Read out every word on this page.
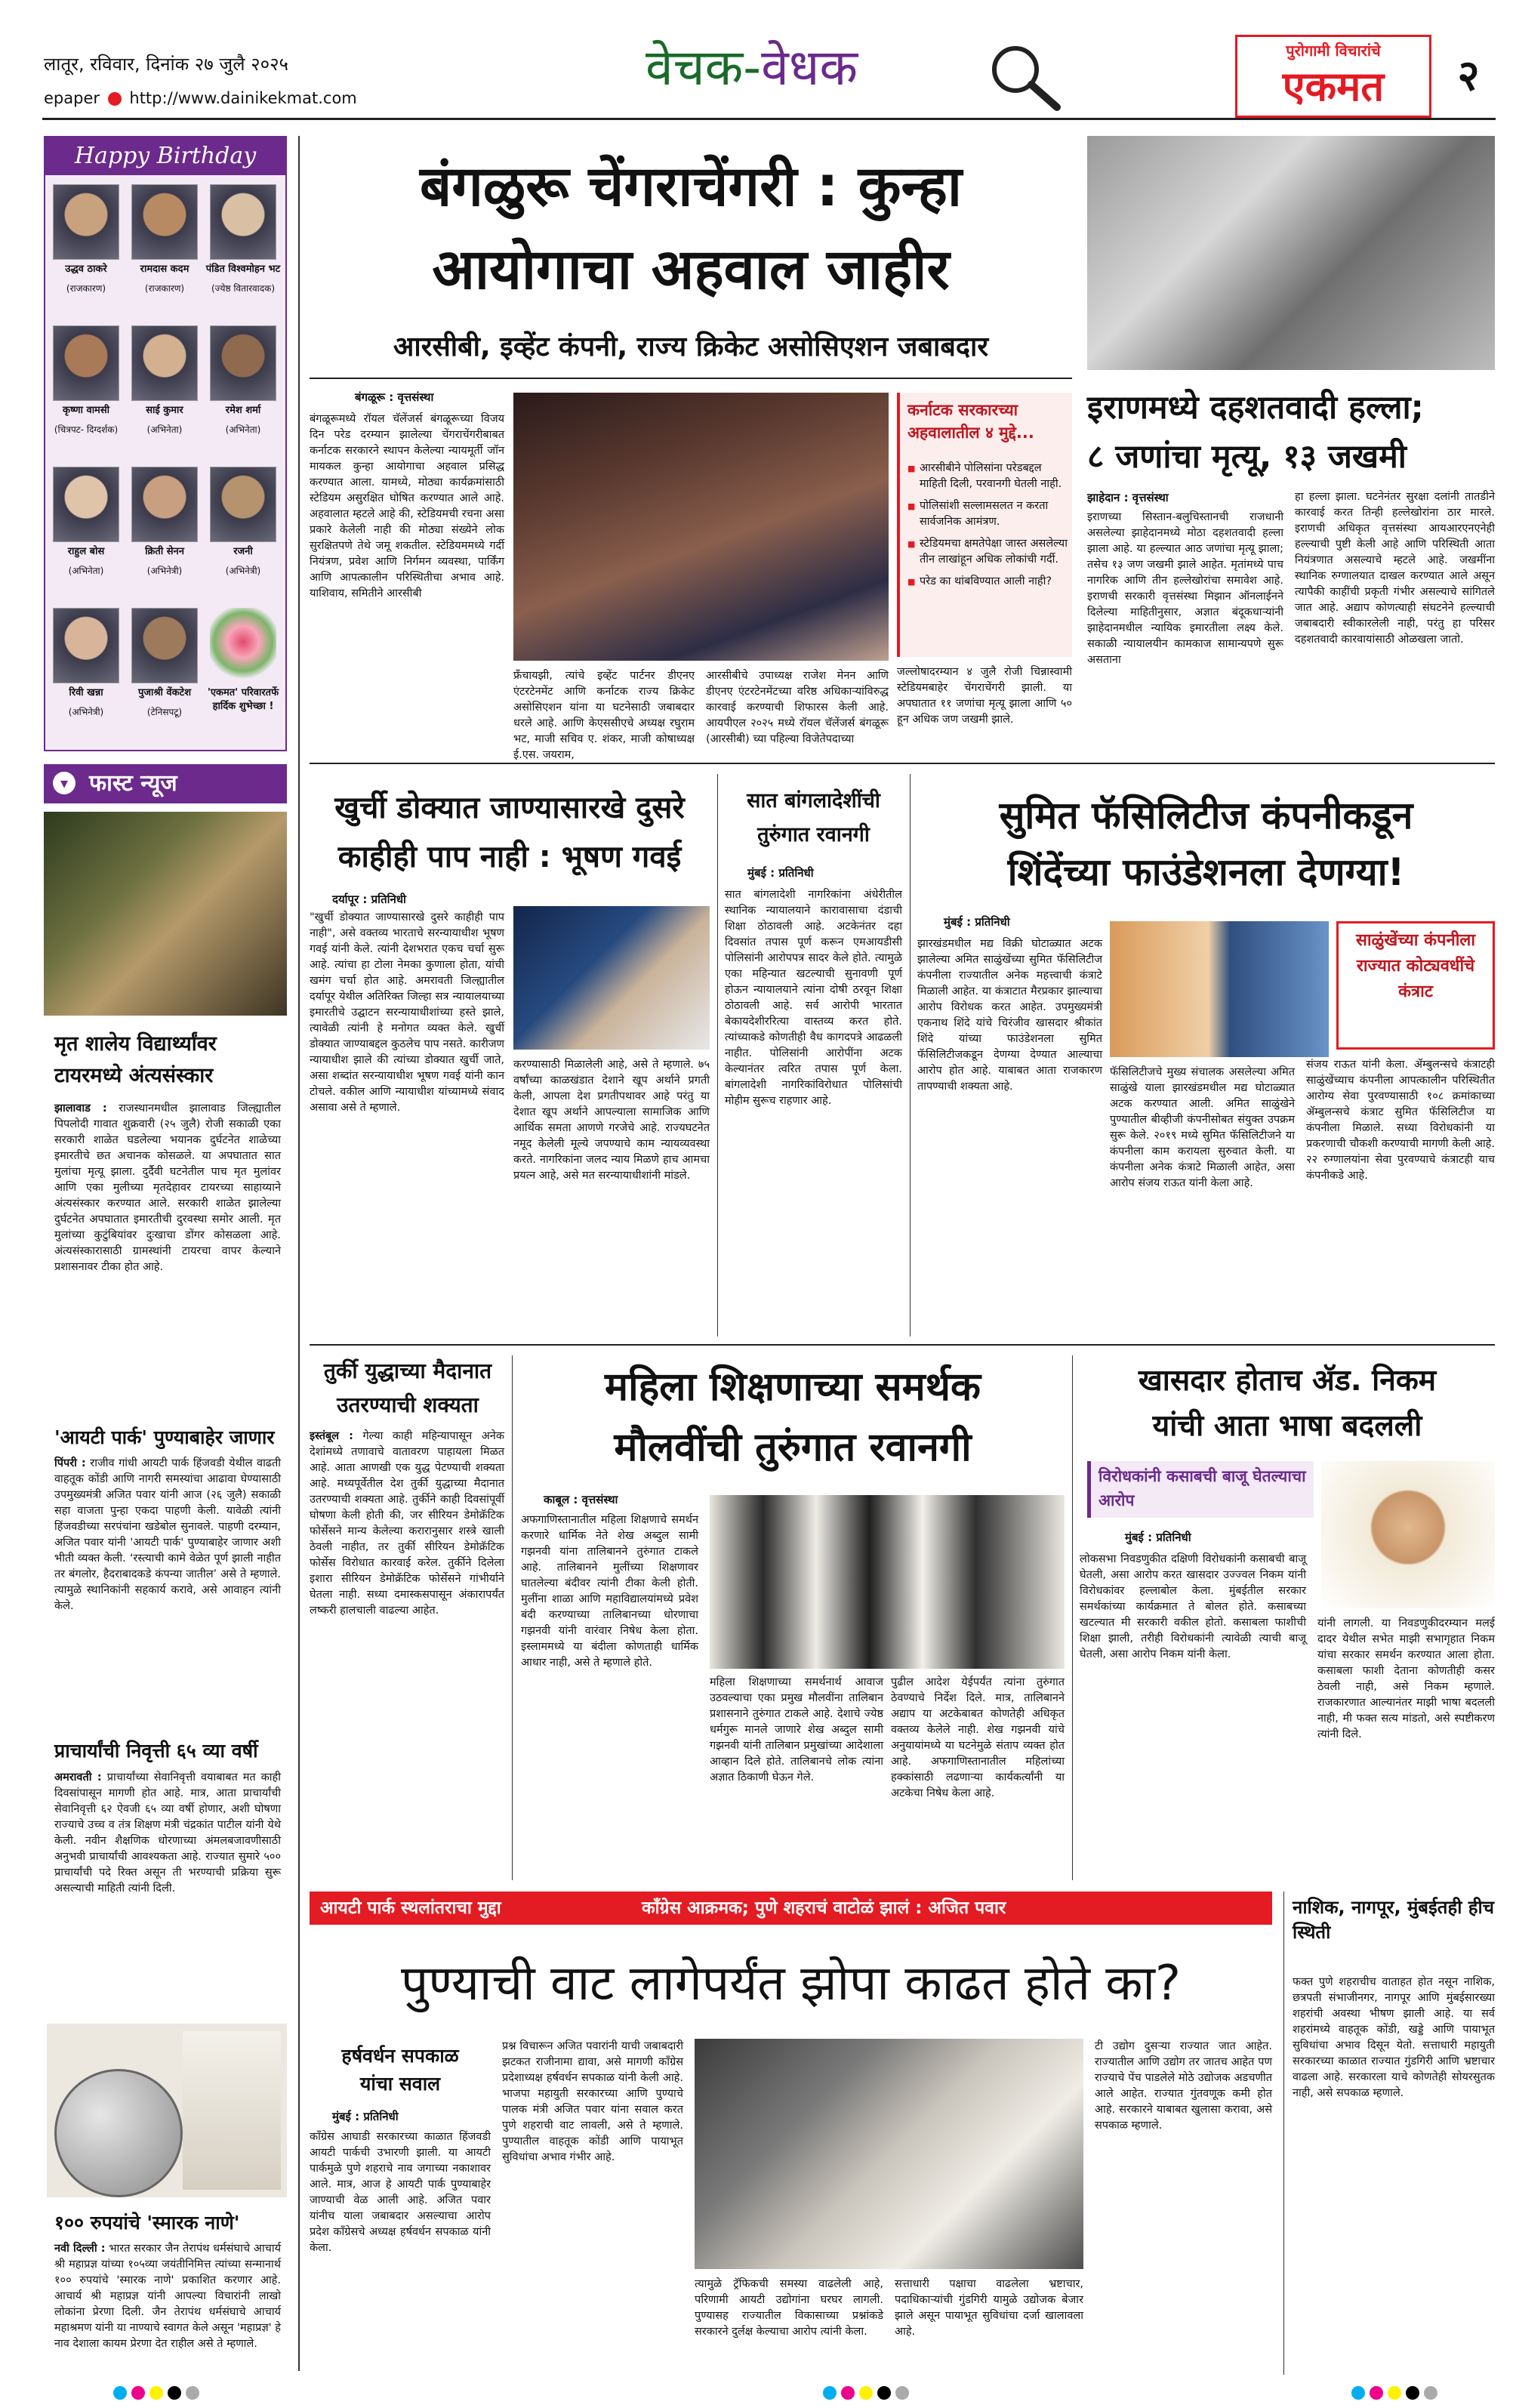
लातूर, रविवार, दिनांक २७ जुलै २०२५
epaper http://www.dainikekmat.com
वेचक-वेधक	पुरोगामी विचारांचे
एकमत	२
Happy Birthday
उद्धव ठाकरे
(राजकारण)
रामदास कदम
(राजकारण)
पंडित विश्वमोहन भट
(ज्येष्ठ वितारवादक)
कृष्णा वामसी
(चित्रपट- दिग्दर्शक)
साई कुमार
(अभिनेता)
रमेश शर्मा
(अभिनेता)
राहुल बोस
(अभिनेता)
क्रिती सेनन
(अभिनेत्री)
रजनी
(अभिनेत्री)
रिवी खन्ना
(अभिनेत्री)
पुजाश्री वेंकटेश
(टेनिसपटू)
'एकमत' परिवारतर्फे हार्दिक शुभेच्छा !
▾ फास्ट न्यूज
मृत शालेय विद्यार्थ्यांवर टायरमध्ये अंत्यसंस्कार
झालावाड : राजस्थानमधील झालावाड जिल्ह्यातील पिपलोदी गावात शुक्रवारी (२५ जुलै) रोजी सकाळी एका सरकारी शाळेत घडलेल्या भयानक दुर्घटनेत शाळेच्या इमारतीचे छत अचानक कोसळले. या अपघातात सात मुलांचा मृत्यू झाला. दुर्दैवी घटनेतील पाच मृत मुलांवर आणि एका मुलीच्या मृतदेहावर टायरच्या साहाय्याने अंत्यसंस्कार करण्यात आले. सरकारी शाळेत झालेल्या दुर्घटनेत अपघातात इमारतीची दुरवस्था समोर आली. मृत मुलांच्या कुटुंबियांवर दुःखाचा डोंगर कोसळला आहे. अंत्यसंस्कारासाठी ग्रामस्थांनी टायरचा वापर केल्याने प्रशासनावर टीका होत आहे.
'आयटी पार्क' पुण्याबाहेर जाणार
पिंपरी : राजीव गांधी आयटी पार्क हिंजवडी येथील वाढती वाहतूक कोंडी आणि नागरी समस्यांचा आढावा घेण्यासाठी उपमुख्यमंत्री अजित पवार यांनी आज (२६ जुलै) सकाळी सहा वाजता पुन्हा एकदा पाहणी केली. यावेळी त्यांनी हिंजवडीच्या सरपंचांना खडेबोल सुनावले. पाहणी दरम्यान, अजित पवार यांनी 'आयटी पार्क' पुण्याबाहेर जाणार अशी भीती व्यक्त केली. ‘रस्त्याची कामे वेळेत पूर्ण झाली नाहीत तर बंगलोर, हैदराबादकडे कंपन्या जातील’ असे ते म्हणाले. त्यामुळे स्थानिकांनी सहकार्य करावे, असे आवाहन त्यांनी केले.
प्राचार्यांची निवृत्ती ६५ व्या वर्षी
अमरावती : प्राचार्यांच्या सेवानिवृत्ती वयाबाबत मत काही दिवसांपासून मागणी होत आहे. मात्र, आता प्राचार्यांची सेवानिवृत्ती ६२ ऐवजी ६५ व्या वर्षी होणार, अशी घोषणा राज्याचे उच्च व तंत्र शिक्षण मंत्री चंद्रकांत पाटील यांनी येथे केली. नवीन शैक्षणिक धोरणाच्या अंमलबजावणीसाठी अनुभवी प्राचार्यांची आवश्यकता आहे. राज्यात सुमारे ५०० प्राचार्यांची पदे रिक्त असून ती भरण्याची प्रक्रिया सुरू असल्याची माहिती त्यांनी दिली.
१०० रुपयांचे 'स्मारक नाणे'
नवी दिल्ली : भारत सरकार जैन तेरापंथ धर्मसंघाचे आचार्य श्री महाप्रज्ञ यांच्या १०५व्या जयंतीनिमित्त त्यांच्या सन्मानार्थ १०० रुपयांचे 'स्मारक नाणे' प्रकाशित करणार आहे. आचार्य श्री महाप्रज्ञ यांनी आपल्या विचारांनी लाखो लोकांना प्रेरणा दिली. जैन तेरापंथ धर्मसंघाचे आचार्य महाश्रमण यांनी या नाण्याचे स्वागत केले असून 'महाप्रज्ञ' हे नाव देशाला कायम प्रेरणा देत राहील असे ते म्हणाले.
बंगळुरू चेंगराचेंगरी : कुन्हा
आयोगाचा अहवाल जाहीर
आरसीबी, इव्हेंट कंपनी, राज्य क्रिकेट असोसिएशन जबाबदार
बंगळूरू : वृत्तसंस्था
बंगळूरूमध्ये रॉयल चॅलेंजर्स बंगळूरूच्या विजय दिन परेड दरम्यान झालेल्या चेंगराचेंगरीबाबत कर्नाटक सरकारने स्थापन केलेल्या न्यायमूर्ती जॉन मायकल कुन्हा आयोगाचा अहवाल प्रसिद्ध करण्यात आला. यामध्ये, मोठ्या कार्यक्रमांसाठी स्टेडियम असुरक्षित घोषित करण्यात आले आहे. अहवालात म्हटले आहे की, स्टेडियमची रचना असा प्रकारे केलेली नाही की मोठ्या संख्येने लोक सुरक्षितपणे तेथे जमू शकतील. स्टेडियममध्ये गर्दी नियंत्रण, प्रवेश आणि निर्गमन व्यवस्था, पार्किंग आणि आपत्कालीन परिस्थितीचा अभाव आहे. याशिवाय, समितीने आरसीबी
फ्रँचायझी, त्यांचे इव्हेंट पार्टनर डीएनए एंटरटेनमेंट आणि कर्नाटक राज्य क्रिकेट असोसिएशन यांना या घटनेसाठी जबाबदार धरले आहे. आणि केएससीएचे अध्यक्ष रघुराम भट, माजी सचिव ए. शंकर, माजी कोषाध्यक्ष ई.एस. जयराम,
आरसीबीचे उपाध्यक्ष राजेश मेनन आणि डीएनए एंटरटेनमेंटच्या वरिष्ठ अधिकाऱ्यांविरुद्ध कारवाई करण्याची शिफारस केली आहे. आयपीएल २०२५ मध्ये रॉयल चॅलेंजर्स बंगळूरू (आरसीबी) च्या पहिल्या विजेतेपदाच्या
कर्नाटक सरकारच्या अहवालातील ४ मुद्दे...
■ आरसीबीने पोलिसांना परेडबद्दल माहिती दिली, परवानगी घेतली नाही.
■ पोलिसांशी सल्लामसलत न करता सार्वजनिक आमंत्रण.
■ स्टेडियमचा क्षमतेपेक्षा जास्त असलेल्या तीन लाखांहून अधिक लोकांची गर्दी.
■ परेड का थांबविण्यात आली नाही?
जल्लोषादरम्यान ४ जुलै रोजी चिन्नास्वामी स्टेडियमबाहेर चेंगराचेंगरी झाली. या अपघातात ११ जणांचा मृत्यू झाला आणि ५० हून अधिक जण जखमी झाले.
इराणमध्ये दहशतवादी हल्ला;
८ जणांचा मृत्यू, १३ जखमी
झाहेदान : वृत्तसंस्था
इराणच्या सिस्तान-बलुचिस्तानची राजधानी असलेल्या झाहेदानमध्ये मोठा दहशतवादी हल्ला झाला आहे. या हल्ल्यात आठ जणांचा मृत्यू झाला; तसेच १३ जण जखमी झाले आहेत. मृतांमध्ये पाच नागरिक आणि तीन हल्लेखोरांचा समावेश आहे. इराणची सरकारी वृत्तसंस्था मिझान ऑनलाईनने दिलेल्या माहितीनुसार, अज्ञात बंदूकधाऱ्यांनी झाहेदानमधील न्यायिक इमारतीला लक्ष्य केले. सकाळी न्यायालयीन कामकाज सामान्यपणे सुरू असताना
हा हल्ला झाला. घटनेनंतर सुरक्षा दलांनी तातडीने कारवाई करत तिन्ही हल्लेखोरांना ठार मारले. इराणची अधिकृत वृत्तसंस्था आयआरएनएनेही हल्ल्याची पुष्टी केली आहे आणि परिस्थिती आता नियंत्रणात असल्याचे म्हटले आहे. जखमींना स्थानिक रुग्णालयात दाखल करण्यात आले असून त्यापैकी काहींची प्रकृती गंभीर असल्याचे सांगितले जात आहे. अद्याप कोणत्याही संघटनेने हल्ल्याची जबाबदारी स्वीकारलेली नाही, परंतु हा परिसर दहशतवादी कारवायांसाठी ओळखला जातो.
खुर्ची डोक्यात जाण्यासारखे दुसरे
काहीही पाप नाही : भूषण गवई
दर्यापूर : प्रतिनिधी
"खुर्ची डोक्यात जाण्यासारखे दुसरे काहीही पाप नाही", असे वक्तव्य भारताचे सरन्यायाधीश भूषण गवई यांनी केले. त्यांनी देशभरात एकच चर्चा सुरू आहे. त्यांचा हा टोला नेमका कुणाला होता, यांची खमंग चर्चा होत आहे. अमरावती जिल्ह्यातील दर्यापूर येथील अतिरिक्त जिल्हा सत्र न्यायालयाच्या इमारतीचे उद्घाटन सरन्यायाधीशांच्या हस्ते झाले, त्यावेळी त्यांनी हे मनोगत व्यक्त केले. खुर्ची डोक्यात जाण्याबद्दल कुठलेच पाप नसते. कारीजण न्यायाधीश झाले की त्यांच्या डोक्यात खुर्ची जाते, असा शब्दांत सरन्यायाधीश भूषण गवई यांनी कान टोचले. वकील आणि न्यायाधीश यांच्यामध्ये संवाद असावा असे ते म्हणाले.
करण्यासाठी मिळालेली आहे, असे ते म्हणाले. ७५ वर्षांच्या काळखंडात देशाने खूप अर्थाने प्रगती केली, आपला देश प्रगतीपथावर आहे परंतु या देशात खूप अर्थाने आपल्याला सामाजिक आणि आर्थिक समता आणणे गरजेचे आहे. राज्यघटनेत नमूद केलेली मूल्ये जपण्याचे काम न्यायव्यवस्था करते. नागरिकांना जलद न्याय मिळणे हाच आमचा प्रयत्न आहे, असे मत सरन्यायाधीशांनी मांडले.
सात बांगलादेशींची
तुरुंगात रवानगी
मुंबई : प्रतिनिधी
सात बांगलादेशी नागरिकांना अंधेरीतील स्थानिक न्यायालयाने कारावासाचा दंडाची शिक्षा ठोठावली आहे. अटकेनंतर दहा दिवसांत तपास पूर्ण करून एमआयडीसी पोलिसांनी आरोपपत्र सादर केले होते. त्यामुळे एका महिन्यात खटल्याची सुनावणी पूर्ण होऊन न्यायालयाने त्यांना दोषी ठरवून शिक्षा ठोठावली आहे. सर्व आरोपी भारतात बेकायदेशीररित्या वास्तव्य करत होते. त्यांच्याकडे कोणतीही वैध कागदपत्रे आढळली नाहीत. पोलिसांनी आरोपींना अटक केल्यानंतर त्वरित तपास पूर्ण केला. बांगलादेशी नागरिकांविरोधात पोलिसांची मोहीम सुरूच राहणार आहे.
सुमित फॅसिलिटीज कंपनीकडून
शिंदेंच्या फाउंडेशनला देणग्या!
मुंबई : प्रतिनिधी
झारखंडमधील मद्य विक्री घोटाळ्यात अटक झालेल्या अमित साळुंखेंच्या सुमित फॅसिलिटीज कंपनीला राज्यातील अनेक महत्त्वाची कंत्राटे मिळाली आहेत. या कंत्राटात मैरप्रकार झाल्याचा आरोप विरोधक करत आहेत. उपमुख्यमंत्री एकनाथ शिंदे यांचे चिरंजीव खासदार श्रीकांत शिंदे यांच्या फाउंडेशनला सुमित फॅसिलिटीजकडून देणग्या देण्यात आल्याचा आरोप होत आहे. याबाबत आता राजकारण तापण्याची शक्यता आहे.
फॅसिलिटीजचे मुख्य संचालक असलेल्या अमित साळुंखे याला झारखंडमधील मद्य घोटाळ्यात अटक करण्यात आली. अमित साळुंखेने पुण्यातील बीव्हीजी कंपनीसोबत संयुक्त उपक्रम सुरू केले. २०१९ मध्ये सुमित फॅसिलिटीजने या कंपनीला काम करायला सुरुवात केली. या कंपनीला अनेक कंत्राटे मिळाली आहेत, असा आरोप संजय राऊत यांनी केला आहे.
साळुंखेंच्या कंपनीला राज्यात कोट्यवधींचे कंत्राट
संजय राऊत यांनी केला. ॲम्बुलन्सचे कंत्राटही साळुंखेंच्याच कंपनीला आपत्कालीन परिस्थितीत आरोग्य सेवा पुरवण्यासाठी १०८ क्रमांकाच्या ॲम्बुलन्सचे कंत्राट सुमित फॅसिलिटीज या कंपनीला मिळाले. सध्या विरोधकांनी या प्रकरणाची चौकशी करण्याची मागणी केली आहे. २२ रुग्णालयांना सेवा पुरवण्याचे कंत्राटही याच कंपनीकडे आहे.
तुर्की युद्धाच्या मैदानात
उतरण्याची शक्यता
इस्तंबूल : गेल्या काही महिन्यापासून अनेक देशांमध्ये तणावाचे वातावरण पाहायला मिळत आहे. आता आणखी एक युद्ध पेटण्याची शक्यता आहे. मध्यपूर्वेतील देश तुर्की युद्धाच्या मैदानात उतरण्याची शक्यता आहे. तुर्कीने काही दिवसांपूर्वी घोषणा केली होती की, जर सीरियन डेमोक्रॅटिक फोर्सेसने मान्य केलेल्या करारानुसार शस्त्रे खाली ठेवली नाहीत, तर तुर्की सीरियन डेमोक्रॅटिक फोर्सेस विरोधात कारवाई करेल. तुर्कीने दिलेला इशारा सीरियन डेमोक्रॅटिक फोर्सेसने गांभीर्याने घेतला नाही. सध्या दमास्कसपासून अंकारापर्यंत लष्करी हालचाली वाढल्या आहेत.
महिला शिक्षणाच्या समर्थक
मौलवींची तुरुंगात रवानगी
काबूल : वृत्तसंस्था
अफगाणिस्तानातील महिला शिक्षणाचे समर्थन करणारे धार्मिक नेते शेख अब्दुल सामी गझनवी यांना तालिबानने तुरुंगात टाकले आहे. तालिबानने मुलींच्या शिक्षणावर घातलेल्या बंदीवर त्यांनी टीका केली होती. मुलींना शाळा आणि महाविद्यालयांमध्ये प्रवेश बंदी करण्याच्या तालिबानच्या धोरणाचा गझनवी यांनी वारंवार निषेध केला होता. इस्लाममध्ये या बंदीला कोणताही धार्मिक आधार नाही, असे ते म्हणाले होते.
महिला शिक्षणाच्या समर्थनार्थ आवाज उठवल्याचा एका प्रमुख मौलवींना तालिबान प्रशासनाने तुरुंगात टाकले आहे. देशाचे ज्येष्ठ धर्मगुरू मानले जाणारे शेख अब्दुल सामी गझनवी यांनी तालिबान प्रमुखांच्या आदेशाला आव्हान दिले होते. तालिबानचे लोक त्यांना अज्ञात ठिकाणी घेऊन गेले.
पुढील आदेश येईपर्यंत त्यांना तुरुंगात ठेवण्याचे निर्देश दिले. मात्र, तालिबानने अद्याप या अटकेबाबत कोणतेही अधिकृत वक्तव्य केलेले नाही. शेख गझनवी यांचे अनुयायांमध्ये या घटनेमुळे संताप व्यक्त होत आहे. अफगाणिस्तानातील महिलांच्या हक्कांसाठी लढणाऱ्या कार्यकर्त्यांनी या अटकेचा निषेध केला आहे.
खासदार होताच ॲड. निकम
यांची आता भाषा बदलली
विरोधकांनी कसाबची बाजू घेतल्याचा आरोप
मुंबई : प्रतिनिधी
लोकसभा निवडणुकीत दक्षिणी विरोधकांनी कसाबची बाजू घेतली, असा आरोप करत खासदार उज्ज्वल निकम यांनी विरोधकांवर हल्लाबोल केला. मुंबईतील सरकार समर्थकांच्या कार्यक्रमात ते बोलत होते. कसाबच्या खटल्यात मी सरकारी वकील होतो. कसाबला फाशीची शिक्षा झाली, तरीही विरोधकांनी त्यावेळी त्याची बाजू घेतली, असा आरोप निकम यांनी केला.
यांनी लागली. या निवडणुकीदरम्यान मलई दादर येथील सभेत माझी सभागृहात निकम यांचा सरकार समर्थन करण्यात आला होता. कसाबला फाशी देताना कोणतीही कसर ठेवली नाही, असे निकम म्हणाले. राजकारणात आल्यानंतर माझी भाषा बदलली नाही, मी फक्त सत्य मांडतो, असे स्पष्टीकरण त्यांनी दिले.
आयटी पार्क स्थलांतराचा मुद्दा	काँग्रेस आक्रमक; पुणे शहराचं वाटोळं झालं : अजित पवार
पुण्याची वाट लागेपर्यंत झोपा काढत होते का?
हर्षवर्धन सपकाळ
यांचा सवाल
मुंबई : प्रतिनिधी
काँग्रेस आघाडी सरकारच्या काळात हिंजवडी आयटी पार्कची उभारणी झाली. या आयटी पार्कमुळे पुणे शहराचे नाव जगाच्या नकाशावर आले. मात्र, आज हे आयटी पार्क पुण्याबाहेर जाण्याची वेळ आली आहे. अजित पवार यांनीच याला जबाबदार असल्याचा आरोप प्रदेश काँग्रेसचे अध्यक्ष हर्षवर्धन सपकाळ यांनी केला.
प्रश्न विचारून अजित पवारांनी याची जबाबदारी झटकत राजीनामा द्यावा, असे मागणी काँग्रेस प्रदेशाध्यक्ष हर्षवर्धन सपकाळ यांनी केली आहे. भाजपा महायुती सरकारच्या आणि पुण्याचे पालक मंत्री अजित पवार यांना सवाल करत पुणे शहराची वाट लावली, असे ते म्हणाले. पुण्यातील वाहतूक कोंडी आणि पायाभूत सुविधांचा अभाव गंभीर आहे.
त्यामुळे ट्रॅफिकची समस्या वाढलेली आहे, परिणामी आयटी उद्योगांना घरघर लागली. पुण्यासह राज्यातील विकासाच्या प्रश्नांकडे सरकारने दुर्लक्ष केल्याचा आरोप त्यांनी केला.
सत्ताधारी पक्षाचा वाढलेला भ्रष्टाचार, पदाधिकाऱ्यांची गुंडगिरी यामुळे उद्योजक बेजार झाले असून पायाभूत सुविधांचा दर्जा खालावला आहे.
टी उद्योग दुसऱ्या राज्यात जात आहेत. राज्यातील आणि उद्योग तर जातच आहेत पण राज्याचे पेंच पाडलेले मोठे उद्योजक अडचणीत आले आहेत. राज्यात गुंतवणूक कमी होत आहे. सरकारने याबाबत खुलासा करावा, असे सपकाळ म्हणाले.
नाशिक, नागपूर, मुंबईतही हीच स्थिती
फक्त पुणे शहराचीच वाताहत होत नसून नाशिक, छत्रपती संभाजीनगर, नागपूर आणि मुंबईसारख्या शहरांची अवस्था भीषण झाली आहे. या सर्व शहरांमध्ये वाहतूक कोंडी, खड्डे आणि पायाभूत सुविधांचा अभाव दिसून येतो. सत्ताधारी महायुती सरकारच्या काळात राज्यात गुंडगिरी आणि भ्रष्टाचार वाढला आहे. सरकारला याचे कोणतेही सोयरसुतक नाही, असे सपकाळ म्हणाले.
